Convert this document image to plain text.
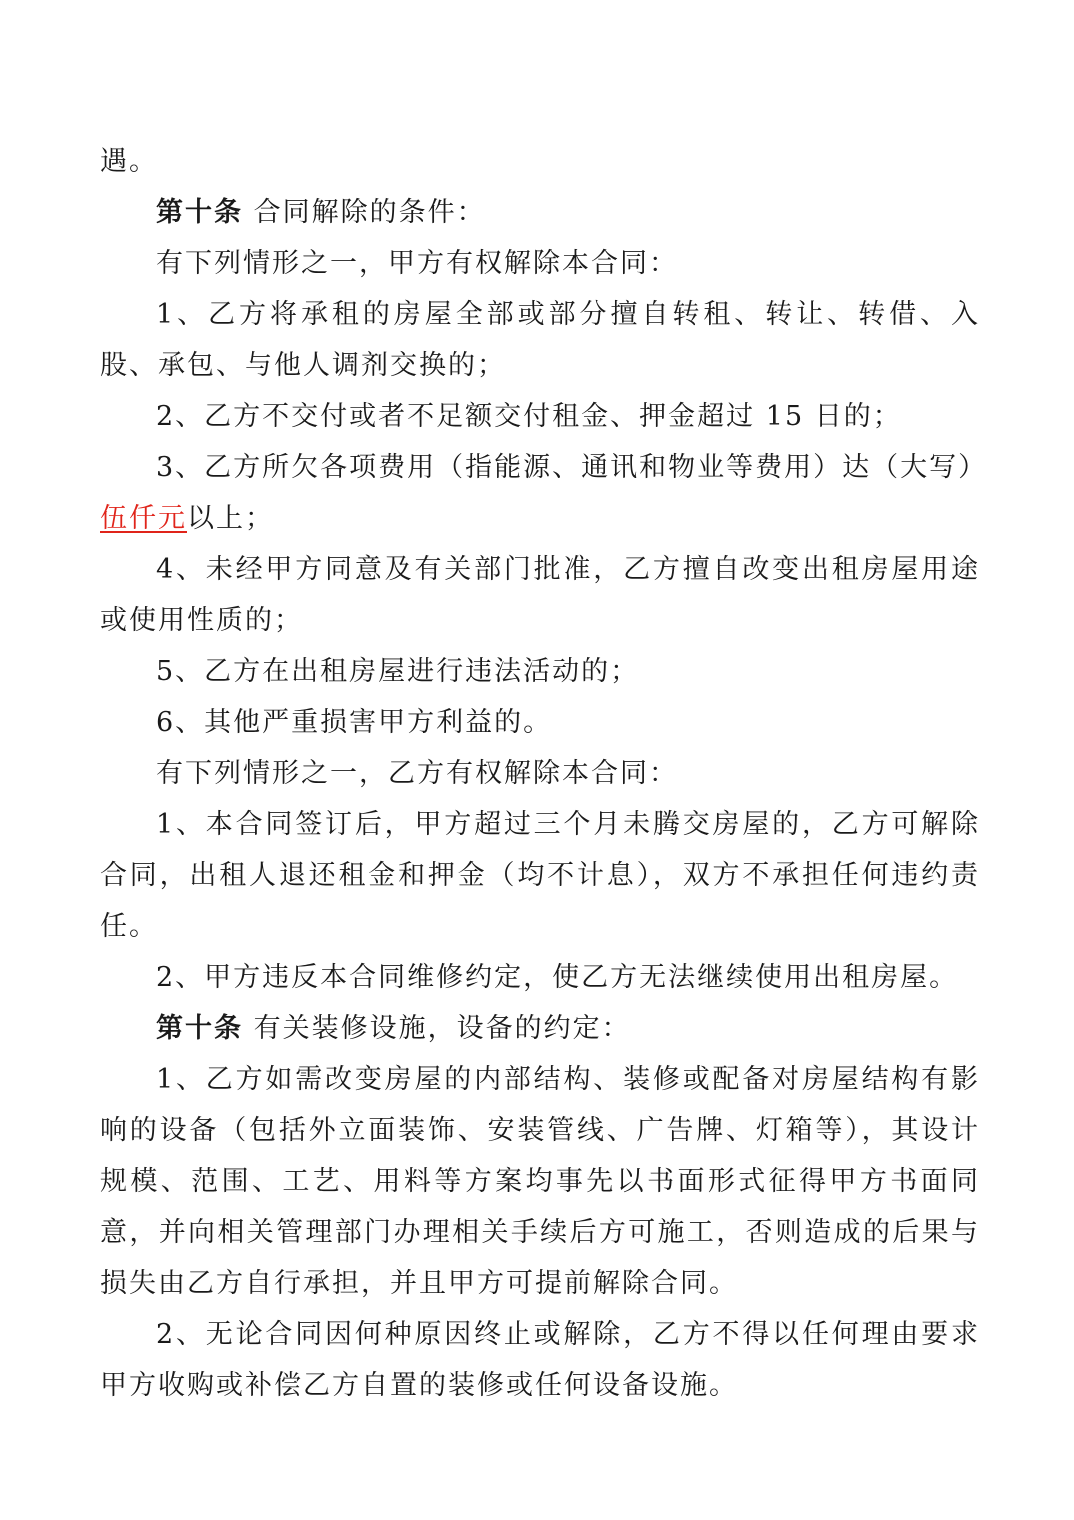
遇。

第十条 合同解除的条件：

有下列情形之一，甲方有权解除本合同：

1、乙方将承租的房屋全部或部分擅自转租、转让、转借、入股、承包、与他人调剂交换的；

2、乙方不交付或者不足额交付租金、押金超过 15 日的；

3、乙方所欠各项费用（指能源、通讯和物业等费用）达（大写）伍仟元以上；

4、未经甲方同意及有关部门批准，乙方擅自改变出租房屋用途或使用性质的；

5、乙方在出租房屋进行违法活动的；

6、其他严重损害甲方利益的。

有下列情形之一，乙方有权解除本合同：

1、本合同签订后，甲方超过三个月未腾交房屋的，乙方可解除合同，出租人退还租金和押金（均不计息），双方不承担任何违约责任。

2、甲方违反本合同维修约定，使乙方无法继续使用出租房屋。

第十条 有关装修设施，设备的约定：

1、乙方如需改变房屋的内部结构、装修或配备对房屋结构有影响的设备（包括外立面装饰、安装管线、广告牌、灯箱等），其设计规模、范围、工艺、用料等方案均事先以书面形式征得甲方书面同意，并向相关管理部门办理相关手续后方可施工，否则造成的后果与损失由乙方自行承担，并且甲方可提前解除合同。

2、无论合同因何种原因终止或解除，乙方不得以任何理由要求甲方收购或补偿乙方自置的装修或任何设备设施。
